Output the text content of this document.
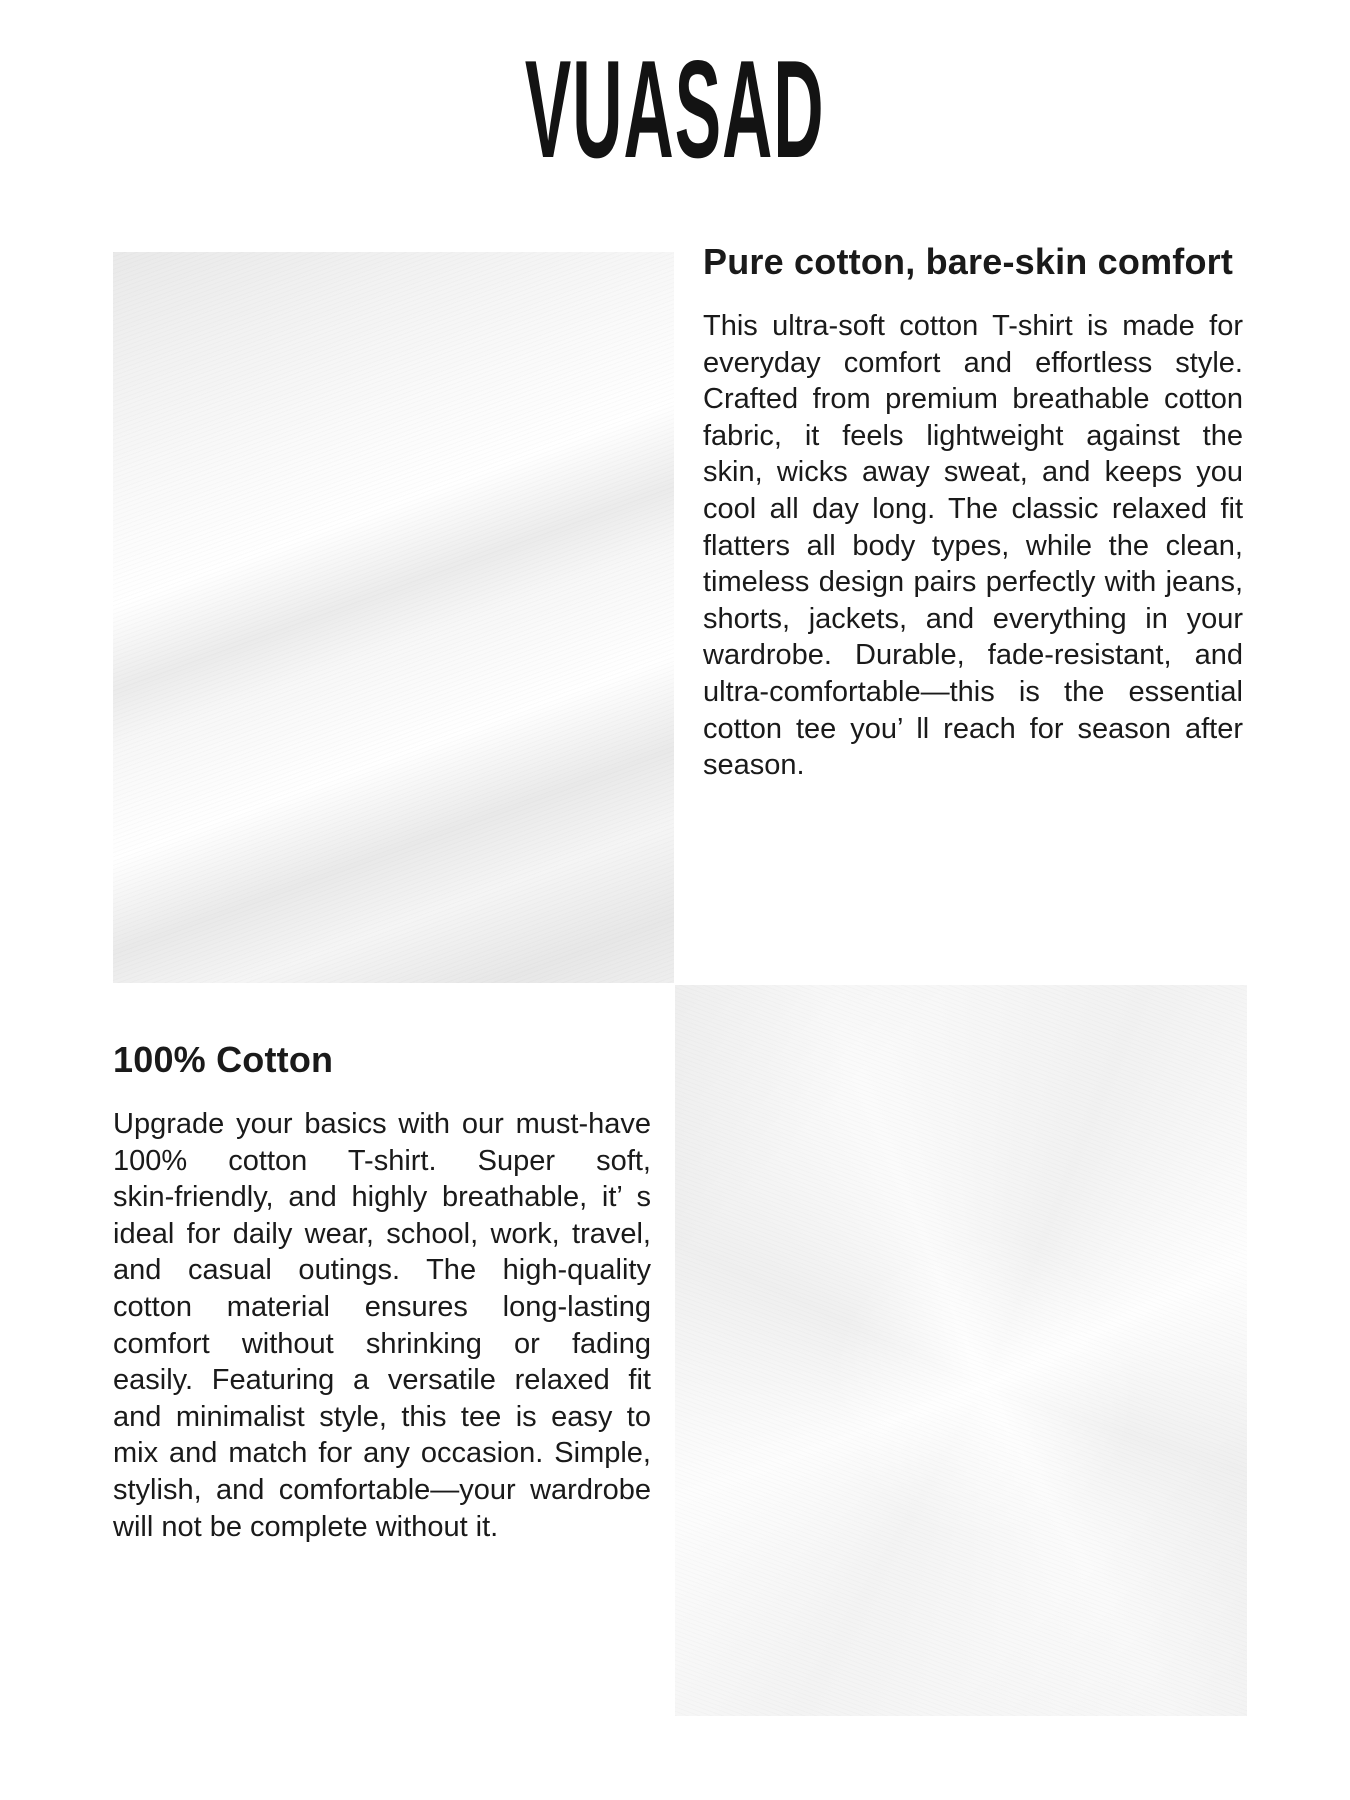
VUASAD
Pure cotton, bare-skin comfort
This ultra-soft cotton T-shirt is made for
everyday comfort and effortless style.
Crafted from premium breathable cotton
fabric, it feels lightweight against the
skin, wicks away sweat, and keeps you
cool all day long. The classic relaxed fit
flatters all body types, while the clean,
timeless design pairs perfectly with jeans,
shorts, jackets, and everything in your
wardrobe. Durable, fade-resistant, and
ultra-comfortable—this is the essential
cotton tee you’ ll reach for season after
season.
100% Cotton
Upgrade your basics with our must-have
100% cotton T-shirt. Super soft,
skin-friendly, and highly breathable, it’ s
ideal for daily wear, school, work, travel,
and casual outings. The high-quality
cotton material ensures long-lasting
comfort without shrinking or fading
easily. Featuring a versatile relaxed fit
and minimalist style, this tee is easy to
mix and match for any occasion. Simple,
stylish, and comfortable—your wardrobe
will not be complete without it.
